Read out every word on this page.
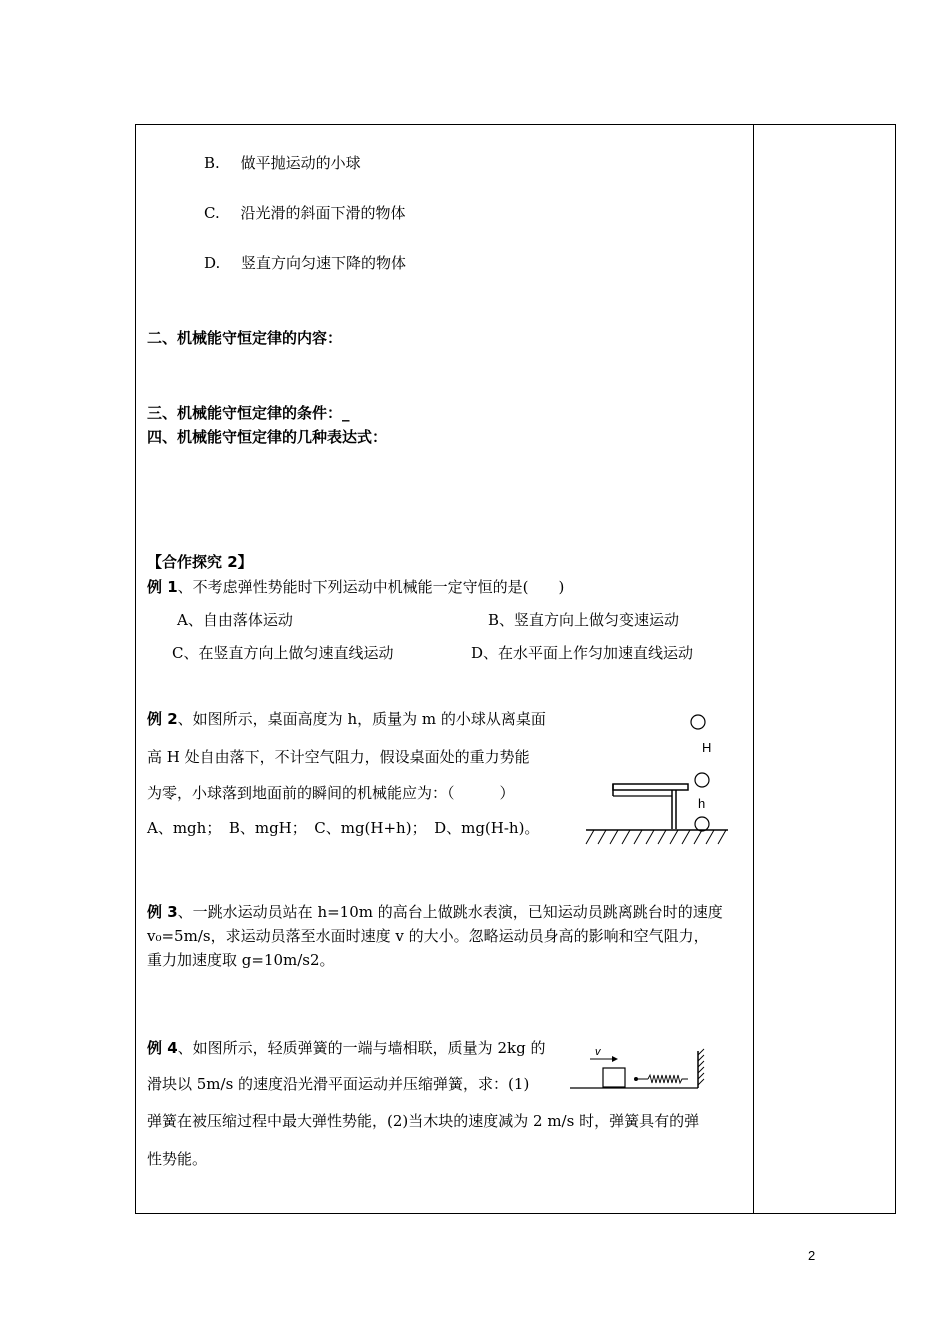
B. 做平抛运动的小球
C. 沿光滑的斜面下滑的物体
D. 竖直方向匀速下降的物体
二、机械能守恒定律的内容：
三、机械能守恒定律的条件：_
四、机械能守恒定律的几种表达式：
【合作探究 2】
例 1、不考虑弹性势能时下列运动中机械能一定守恒的是(　　)
A、自由落体运动	B、竖直方向上做匀变速运动
C、在竖直方向上做匀速直线运动	D、在水平面上作匀加速直线运动
例 2、如图所示，桌面高度为 h，质量为 m 的小球从离桌面
高 H 处自由落下，不计空气阻力，假设桌面处的重力势能
为零，小球落到地面前的瞬间的机械能应为：（　　　）
A、mgh；　B、mgH；　C、mg(H+h)；　D、mg(H-h)。
H
h
例 3、一跳水运动员站在 h=10m 的高台上做跳水表演，已知运动员跳离跳台时的速度
v₀=5m/s，求运动员落至水面时速度 v 的大小。忽略运动员身高的影响和空气阻力，
重力加速度取 g=10m/s2。
例 4、如图所示，轻质弹簧的一端与墙相联，质量为 2kg 的
滑块以 5m/s 的速度沿光滑平面运动并压缩弹簧，求：(1)
弹簧在被压缩过程中最大弹性势能，(2)当木块的速度减为 2 m/s 时，弹簧具有的弹
性势能。
v
2
